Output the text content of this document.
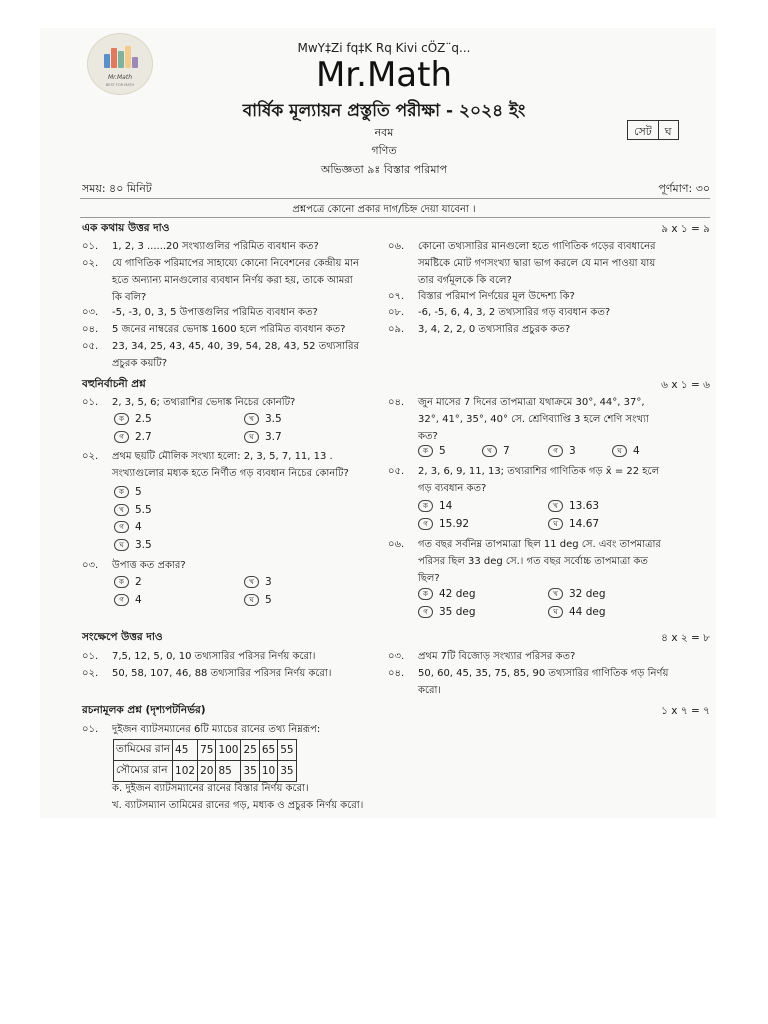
Mr.Math
BEST FOR MATH
MwY‡Zi fq‡K Rq Kivi cÖZ¨q...
Mr.Math
বার্ষিক মূল্যায়ন প্রস্তুতি পরীক্ষা - ২০২৪ ইং
নবম
গণিত
অভিজ্ঞতা ৯ঃ বিস্তার পরিমাপ
সেট	ঘ
সময়: ৪০ মিনিট	পূর্ণমাণ: ৩০
প্রশ্নপত্রে কোনো প্রকার দাগ/চিহ্ন দেয়া যাবেনা ।
এক কথায় উত্তর দাও	৯ x ১ = ৯
০১.	1, 2, 3 ......20 সংখ্যাগুলির পরিমিত ব্যবধান কত?
০২.	যে গাণিতিক পরিমাপের সাহায্যে কোনো নিবেশনের কেন্দ্রীয় মান
হতে অন্যান্য মানগুলোর ব্যবধান নির্ণয় করা হয়, তাকে আমরা
কি বলি?
০৩.	-5, -3, 0, 3, 5 উপাত্তগুলির পরিমিত ব্যবধান কত?
০৪.	5 জনের নাম্বরের ভেদাঙ্ক 1600 হলে পরিমিত ব্যবধান কত?
০৫.	23, 34, 25, 43, 45, 40, 39, 54, 28, 43, 52 তথ্যসারির
প্রচুরক কয়টি?
০৬.	কোনো তথ্যসারির মানগুলো হতে গাণিতিক গড়ের ব্যবধানের
সমষ্টিকে মোট গণসংখ্যা দ্বারা ভাগ করলে যে মান পাওয়া যায়
তার বর্গমূলকে কি বলে?
০৭.	বিস্তার পরিমাপ নির্ণয়ের মূল উদ্দেশ্য কি?
০৮.	-6, -5, 6, 4, 3, 2 তথ্যসারির গড় ব্যবধান কত?
০৯.	3, 4, 2, 2, 0 তথ্যসারির প্রচুরক কত?
বহুনির্বাচনী প্রশ্ন	৬ x ১ = ৬
০১.	2, 3, 5, 6; তথ্যরাশির ভেদাঙ্ক নিচের কোনটি?
ক	2.5	খ	3.5
গ	2.7	ঘ	3.7
০২.	প্রথম ছয়টি মৌলিক সংখ্যা হলো: 2, 3, 5, 7, 11, 13 .
সংখ্যাগুলোর মধ্যক হতে নির্ণীত গড় ব্যবধান নিচের কোনটি?
ক	5
খ	5.5
গ	4
ঘ	3.5
০৩.	উপাত্ত কত প্রকার?
ক	2	খ	3
গ	4	ঘ	5
০৪.	জুন মাসের 7 দিনের তাপমাত্রা যথাক্রমে 30°, 44°, 37°,
32°, 41°, 35°, 40° সে. শ্রেণিব্যাপ্তি 3 হলে শেণি সংখ্যা
কত?
ক	5	খ	7	গ	3	ঘ	4
০৫.	2, 3, 6, 9, 11, 13; তথ্যরাশির গাণিতিক গড় x̄ = 22 হলে
গড় ব্যবধান কত?
ক	14	খ	13.63
গ	15.92	ঘ	14.67
০৬.	গত বছর সর্বনিম্ন তাপমাত্রা ছিল 11 deg সে. এবং তাপমাত্রার
পরিসর ছিল 33 deg সে.। গত বছর সর্বোচ্চ তাপমাত্রা কত
ছিল?
ক	42 deg	খ	32 deg
গ	35 deg	ঘ	44 deg
সংক্ষেপে উত্তর দাও	৪ x ২ = ৮
০১.	7,5, 12, 5, 0, 10 তথ্যসারির পরিসর নির্ণয় করো।
০২.	50, 58, 107, 46, 88 তথ্যসারির পরিসর নির্ণয় করো।
০৩.	প্রথম 7টি বিজোড় সংখ্যার পরিসর কত?
০৪.	50, 60, 45, 35, 75, 85, 90 তথ্যসারির গাণিতিক গড় নির্ণয়
করো।
রচনামূলক প্রশ্ন (দৃশ্যপটনির্ভর)	১ x ৭ = ৭
০১.	দুইজন ব্যাটসম্যানের 6টি ম্যাচের রানের তথ্য নিম্নরূপ:
তামিমের রান	45	75	100	25	65	55
সৌম্যের রান	102	20	85	35	10	35
ক. দুইজন ব্যাটসম্যানের রানের বিস্তার নির্ণয় করো।
খ. ব্যাটসম্যান তামিমের রানের গড়, মধ্যক ও প্রচুরক নির্ণয় করো।
